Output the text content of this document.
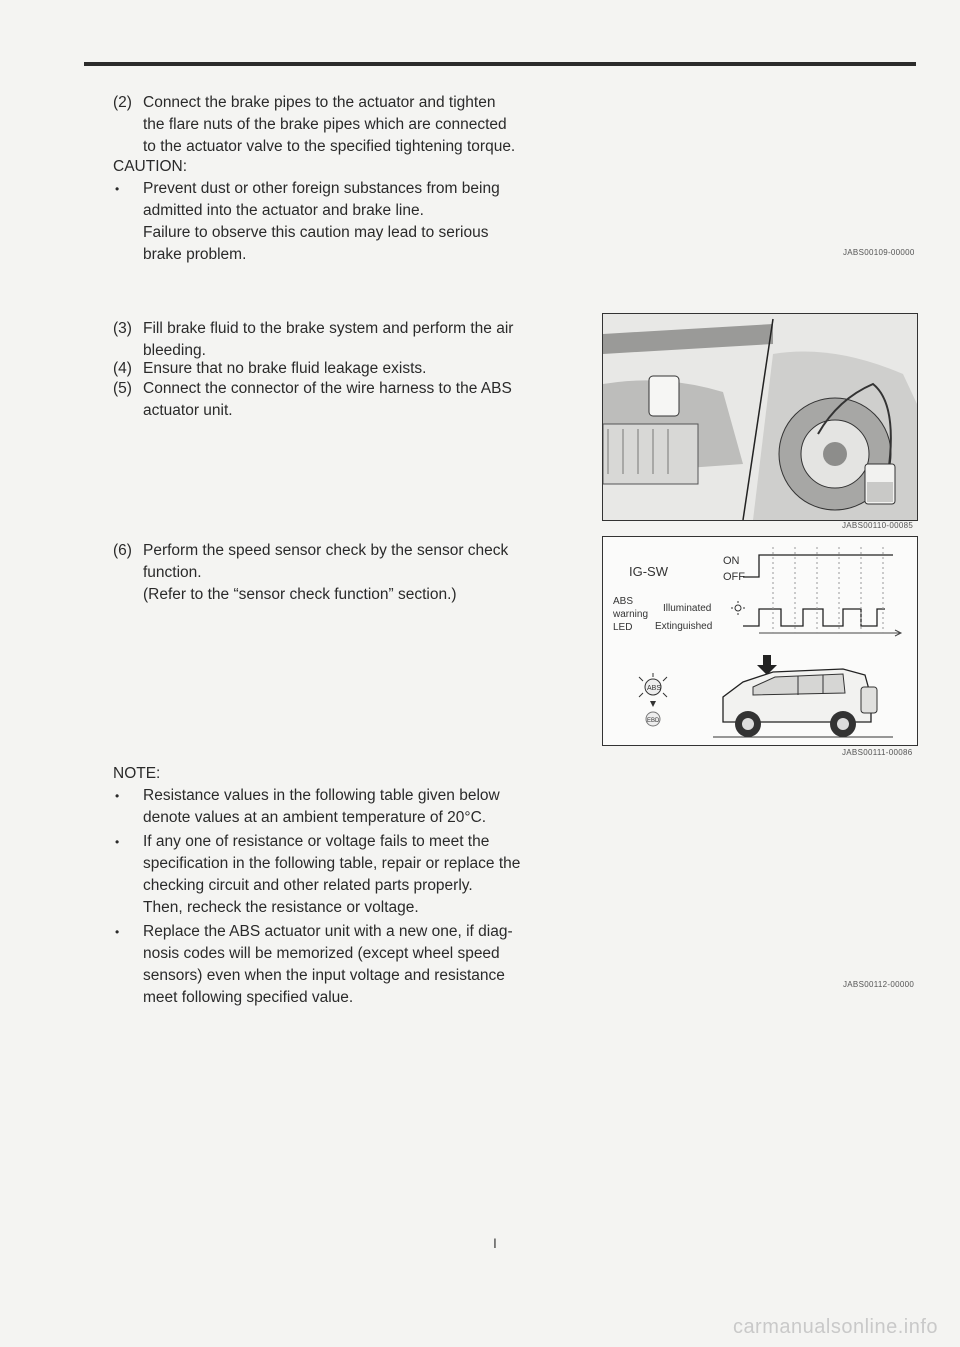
(2) Connect the brake pipes to the actuator and tighten
the flare nuts of the brake pipes which are connected
to the actuator valve to the specified tightening torque.
CAUTION:
• Prevent dust or other foreign substances from being
admitted into the actuator and brake line.
Failure to observe this caution may lead to serious
brake problem.	JABS00109-00000
(3) Fill brake fluid to the brake system and perform the air
bleeding.
(4) Ensure that no brake fluid leakage exists.
(5) Connect the connector of the wire harness to the ABS
actuator unit.
JABS00110-00085
(6) Perform the speed sensor check by the sensor check
function.
(Refer to the “sensor check function” section.)
IG-SW
ON
OFF
ABS
warning
LED
Illuminated
Extinguished
ABS
EBD
JABS00111-00086
NOTE:
• Resistance values in the following table given below
denote values at an ambient temperature of 20°C.
• If any one of resistance or voltage fails to meet the
specification in the following table, repair or replace the
checking circuit and other related parts properly.
Then, recheck the resistance or voltage.
• Replace the ABS actuator unit with a new one, if diag-
nosis codes will be memorized (except wheel speed
sensors) even when the input voltage and resistance
meet following specified value.
JABS00112-00000
I
carmanualsonline.info
